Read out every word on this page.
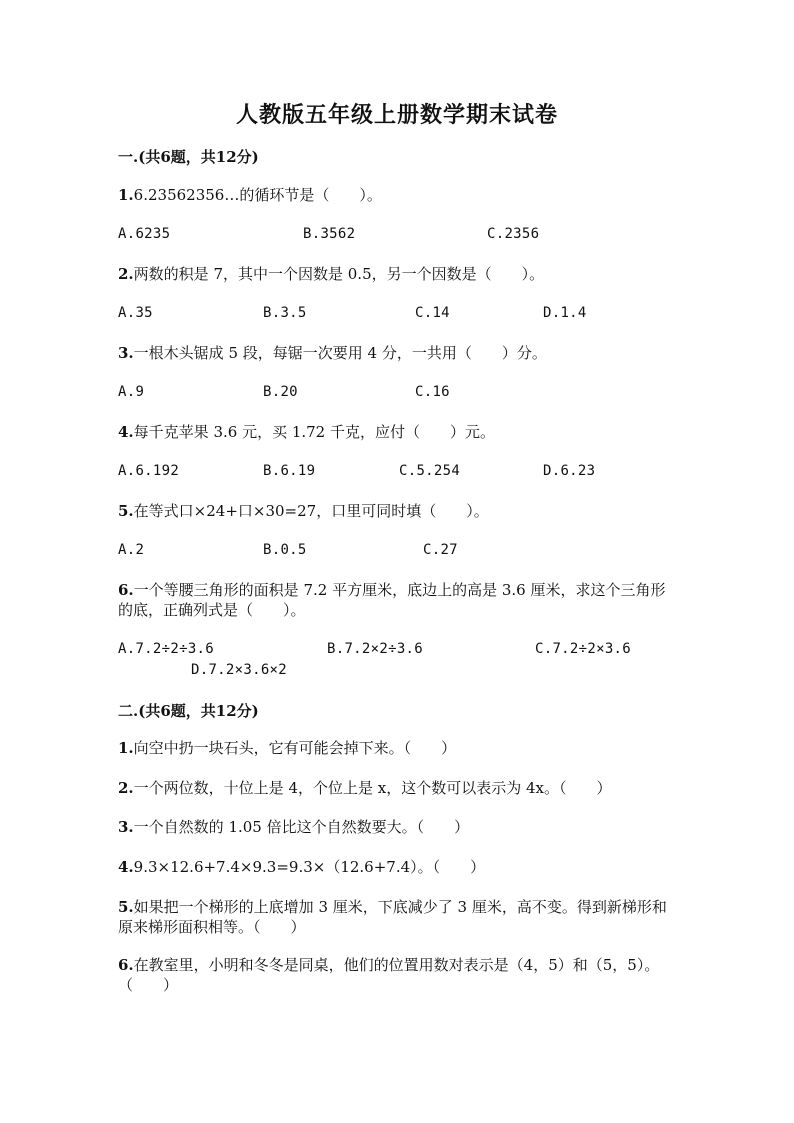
人教版五年级上册数学期末试卷
一.(共6题，共12分)
1.6.23562356…的循环节是（　　）。
A.6235	B.3562	C.2356
2.两数的积是 7，其中一个因数是 0.5，另一个因数是（　　）。
A.35	B.3.5	C.14	D.1.4
3.一根木头锯成 5 段，每锯一次要用 4 分，一共用（　　）分。
A.9	B.20	C.16
4.每千克苹果 3.6 元，买 1.72 千克，应付（　　）元。
A.6.192	B.6.19	C.5.254	D.6.23
5.在等式口×24+口×30=27，口里可同时填（　　）。
A.2	B.0.5	C.27
6.一个等腰三角形的面积是 7.2 平方厘米，底边上的高是 3.6 厘米，求这个三角形的底，正确列式是（　　）。
A.7.2÷2÷3.6	B.7.2×2÷3.6	C.7.2÷2×3.6
D.7.2×3.6×2
二.(共6题，共12分)
1.向空中扔一块石头，它有可能会掉下来。（　　）
2.一个两位数，十位上是 4，个位上是 x，这个数可以表示为 4x。（　　）
3.一个自然数的 1.05 倍比这个自然数要大。（　　）
4.9.3×12.6+7.4×9.3=9.3×（12.6+7.4）。（　　）
5.如果把一个梯形的上底增加 3 厘米，下底减少了 3 厘米，高不变。得到新梯形和原来梯形面积相等。（　　）
6.在教室里，小明和冬冬是同桌，他们的位置用数对表示是（4，5）和（5，5）。（　　）
